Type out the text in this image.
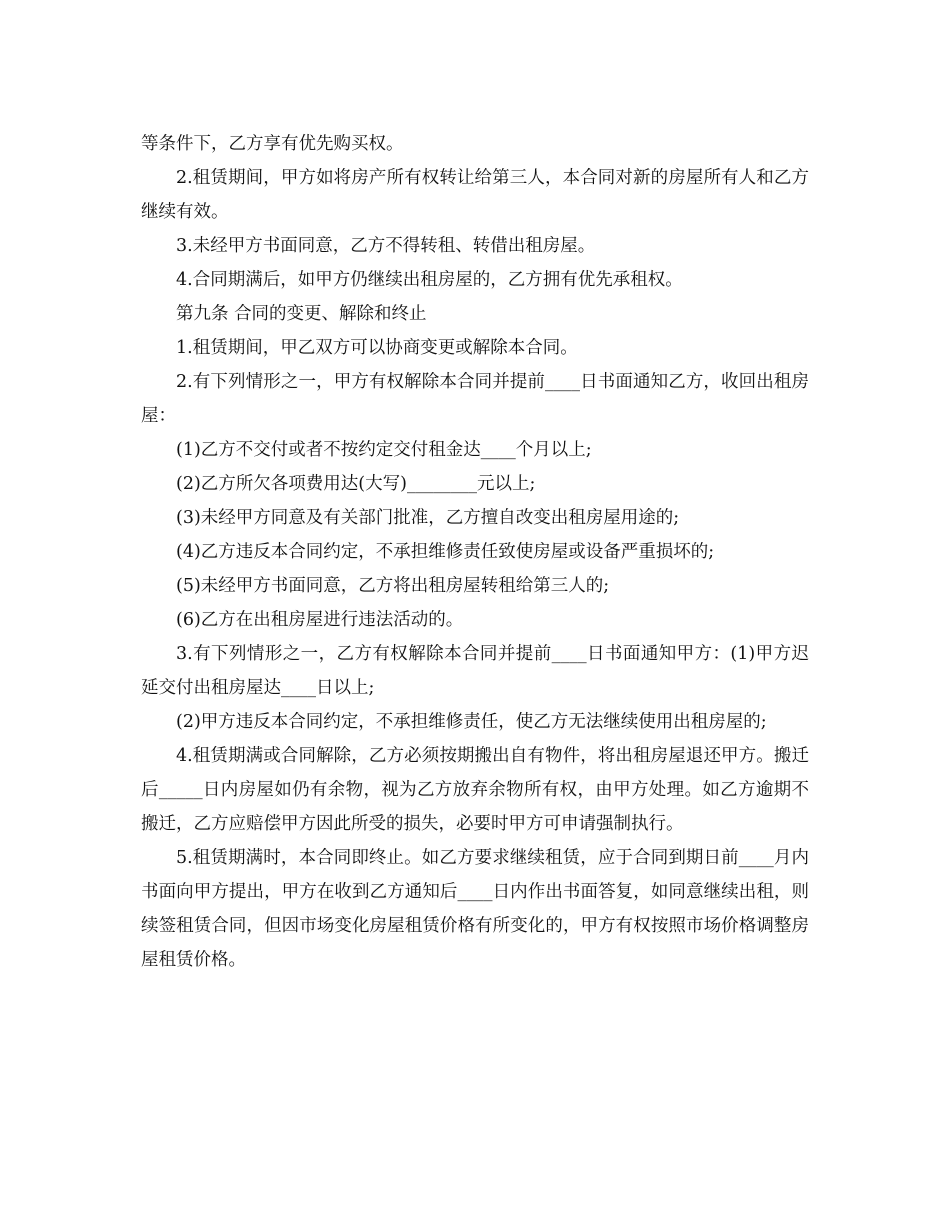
等条件下，乙方享有优先购买权。

2.租赁期间，甲方如将房产所有权转让给第三人，本合同对新的房屋所有人和乙方继续有效。

3.未经甲方书面同意，乙方不得转租、转借出租房屋。

4.合同期满后，如甲方仍继续出租房屋的，乙方拥有优先承租权。

第九条 合同的变更、解除和终止

1.租赁期间，甲乙双方可以协商变更或解除本合同。

2.有下列情形之一，甲方有权解除本合同并提前____日书面通知乙方，收回出租房屋：

(1)乙方不交付或者不按约定交付租金达____个月以上;

(2)乙方所欠各项费用达(大写)________元以上;

(3)未经甲方同意及有关部门批准，乙方擅自改变出租房屋用途的;

(4)乙方违反本合同约定，不承担维修责任致使房屋或设备严重损坏的;

(5)未经甲方书面同意，乙方将出租房屋转租给第三人的;

(6)乙方在出租房屋进行违法活动的。

3.有下列情形之一，乙方有权解除本合同并提前____日书面通知甲方：(1)甲方迟延交付出租房屋达____日以上;

(2)甲方违反本合同约定，不承担维修责任，使乙方无法继续使用出租房屋的;

4.租赁期满或合同解除，乙方必须按期搬出自有物件，将出租房屋退还甲方。搬迁后_____日内房屋如仍有余物，视为乙方放弃余物所有权，由甲方处理。如乙方逾期不搬迁，乙方应赔偿甲方因此所受的损失，必要时甲方可申请强制执行。

5.租赁期满时，本合同即终止。如乙方要求继续租赁，应于合同到期日前____月内书面向甲方提出，甲方在收到乙方通知后____日内作出书面答复，如同意继续出租，则续签租赁合同，但因市场变化房屋租赁价格有所变化的，甲方有权按照市场价格调整房屋租赁价格。
